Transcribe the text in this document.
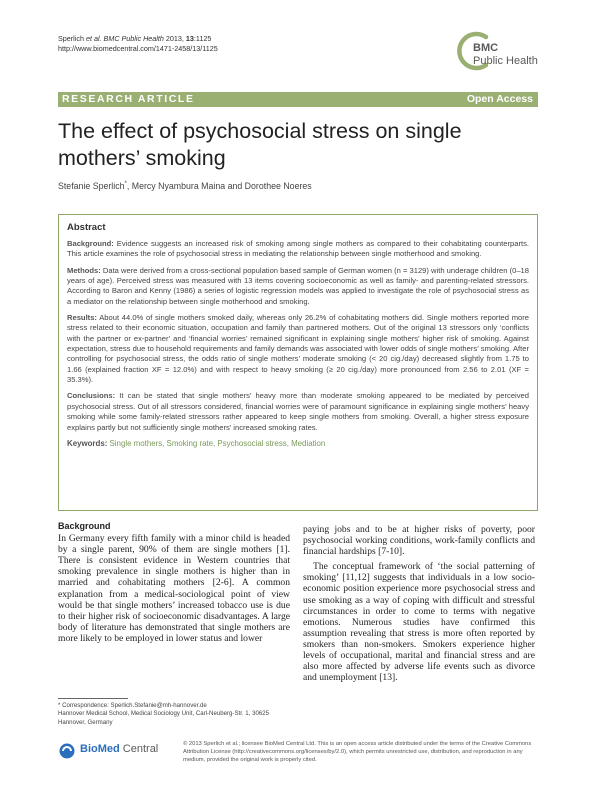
Sperlich et al. BMC Public Health 2013, 13:1125
http://www.biomedcentral.com/1471-2458/13/1125	BMC
Public Health
RESEARCH ARTICLE	Open Access
The effect of psychosocial stress on single mothers’ smoking
Stefanie Sperlich*, Mercy Nyambura Maina and Dorothee Noeres
Abstract

Background: Evidence suggests an increased risk of smoking among single mothers as compared to their cohabitating counterparts. This article examines the role of psychosocial stress in mediating the relationship between single motherhood and smoking.

Methods: Data were derived from a cross-sectional population based sample of German women (n = 3129) with underage children (0–18 years of age). Perceived stress was measured with 13 items covering socioeconomic as well as family- and parenting-related stressors. According to Baron and Kenny (1986) a series of logistic regression models was applied to investigate the role of psychosocial stress as a mediator on the relationship between single motherhood and smoking.

Results: About 44.0% of single mothers smoked daily, whereas only 26.2% of cohabitating mothers did. Single mothers reported more stress related to their economic situation, occupation and family than partnered mothers. Out of the original 13 stressors only ‘conflicts with the partner or ex-partner’ and ‘financial worries’ remained significant in explaining single mothers’ higher risk of smoking. Against expectation, stress due to household requirements and family demands was associated with lower odds of single mothers’ smoking. After controlling for psychosocial stress, the odds ratio of single mothers’ moderate smoking (< 20 cig./day) decreased slightly from 1.75 to 1.66 (explained fraction XF = 12.0%) and with respect to heavy smoking (≥ 20 cig./day) more pronounced from 2.56 to 2.01 (XF = 35.3%).

Conclusions: It can be stated that single mothers’ heavy more than moderate smoking appeared to be mediated by perceived psychosocial stress. Out of all stressors considered, financial worries were of paramount significance in explaining single mothers’ heavy smoking while some family-related stressors rather appeared to keep single mothers from smoking. Overall, a higher stress exposure explains partly but not sufficiently single mothers’ increased smoking rates.

Keywords: Single mothers, Smoking rate, Psychosocial stress, Mediation
Background

In Germany every fifth family with a minor child is headed by a single parent, 90% of them are single mothers [1]. There is consistent evidence in Western countries that smoking prevalence in single mothers is higher than in married and cohabitating mothers [2-6]. A common explanation from a medical-sociological point of view would be that single mothers’ increased tobacco use is due to their higher risk of socioeconomic disadvantages. A large body of literature has demonstrated that single mothers are more likely to be employed in lower status and lower

paying jobs and to be at higher risks of poverty, poor psychosocial working conditions, work-family conflicts and financial hardships [7-10].

The conceptual framework of ‘the social patterning of smoking’ [11,12] suggests that individuals in a low socio-economic position experience more psychosocial stress and use smoking as a way of coping with difficult and stressful circumstances in order to come to terms with negative emotions. Numerous studies have confirmed this assumption revealing that stress is more often reported by smokers than non-smokers. Smokers experience higher levels of occupational, marital and financial stress and are also more affected by adverse life events such as divorce and unemployment [13].

* Correspondence: Sperlich.Stefanie@mh-hannover.de
Hannover Medical School, Medical Sociology Unit, Carl-Neuberg-Str. 1, 30625 Hannover, Germany
BioMed Central	© 2013 Sperlich et al.; licensee BioMed Central Ltd. This is an open access article distributed under the terms of the Creative Commons Attribution License (http://creativecommons.org/licenses/by/2.0), which permits unrestricted use, distribution, and reproduction in any medium, provided the original work is properly cited.
